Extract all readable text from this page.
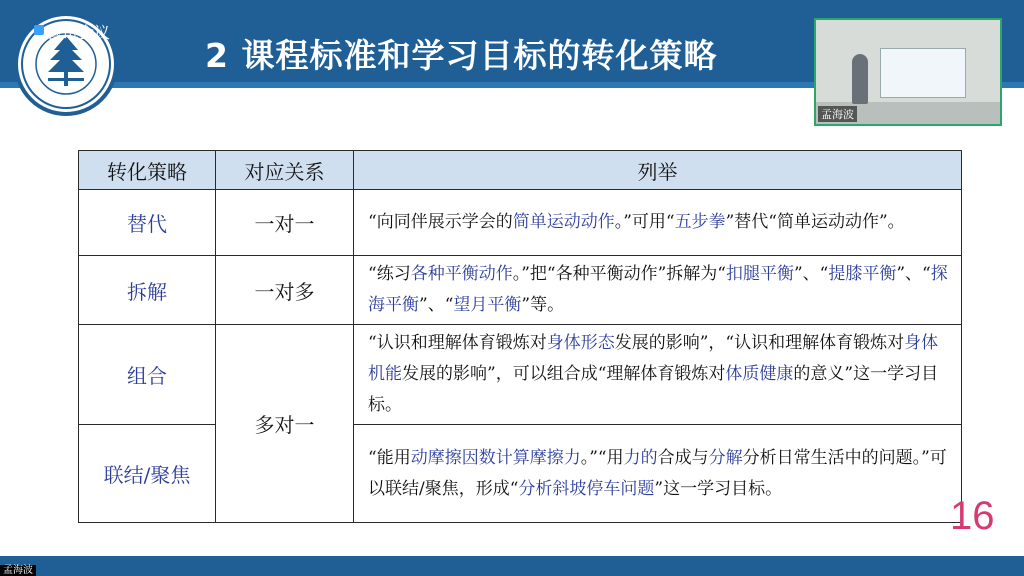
腾讯会议
2 课程标准和学习目标的转化策略
孟海波
转化策略	对应关系	列举
替代	一对一	“向同伴展示学会的简单运动动作。”可用“五步拳”替代“简单运动动作”。
拆解	一对多	“练习各种平衡动作。”把“各种平衡动作”拆解为“扣腿平衡”、“提膝平衡”、“探海平衡”、“望月平衡”等。
组合	多对一	“认识和理解体育锻炼对身体形态发展的影响”，“认识和理解体育锻炼对身体机能发展的影响”，可以组合成“理解体育锻炼对体质健康的意义”这一学习目标。
联结/聚焦		“能用动摩擦因数计算摩擦力。”“用力的合成与分解分析日常生活中的问题。”可以联结/聚焦，形成“分析斜坡停车问题”这一学习目标。
16
孟海波
